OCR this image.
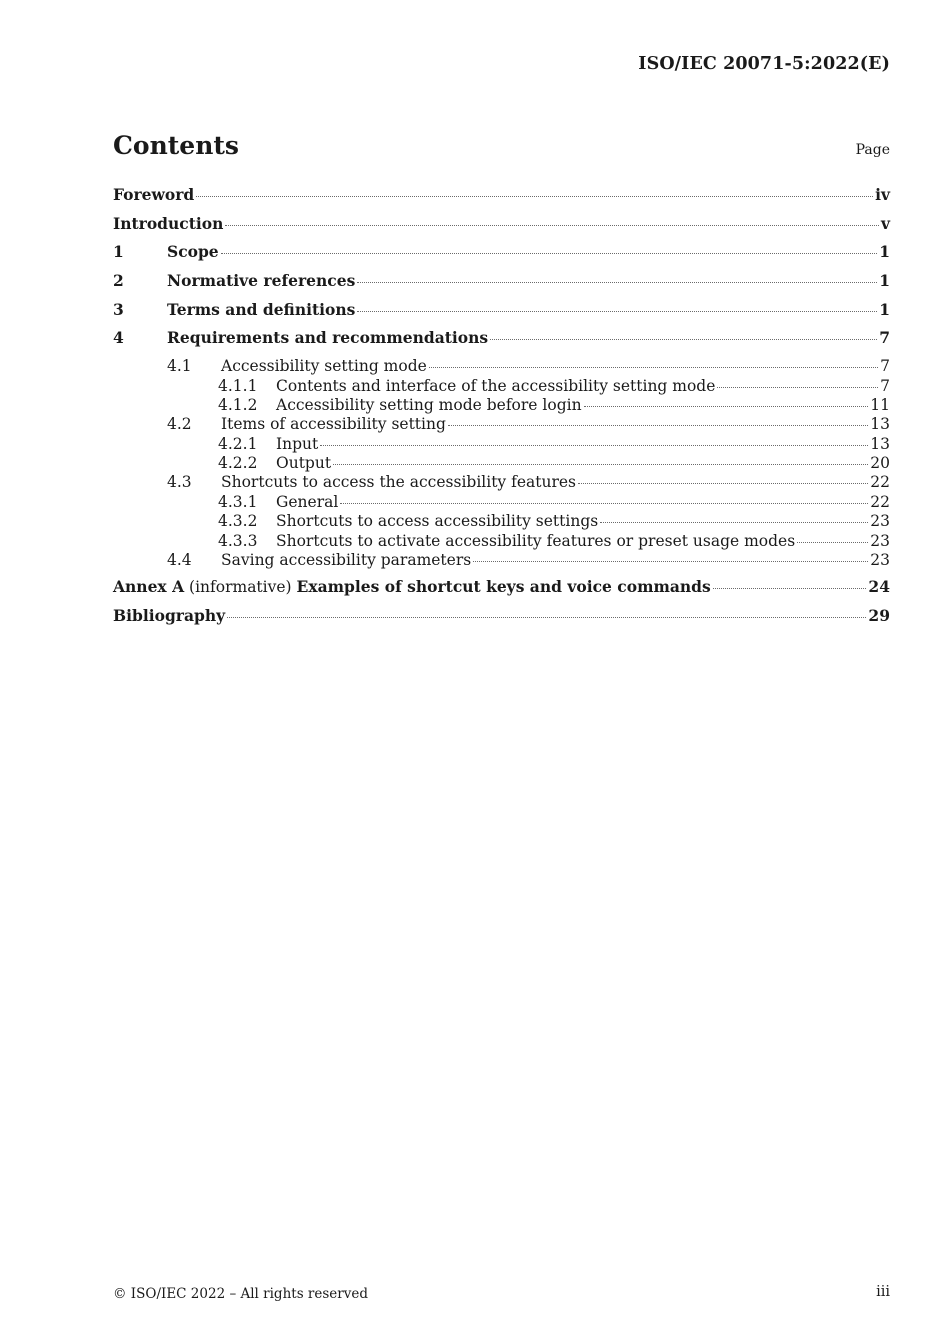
ISO/IEC 20071-5:2022(E)
Contents	Page
Foreword	iv
Introduction	v
1	Scope	1
2	Normative references	1
3	Terms and definitions	1
4	Requirements and recommendations	7
4.1	Accessibility setting mode	7
4.1.1	Contents and interface of the accessibility setting mode	7
4.1.2	Accessibility setting mode before login	11
4.2	Items of accessibility setting	13
4.2.1	Input	13
4.2.2	Output	20
4.3	Shortcuts to access the accessibility features	22
4.3.1	General	22
4.3.2	Shortcuts to access accessibility settings	23
4.3.3	Shortcuts to activate accessibility features or preset usage modes	23
4.4	Saving accessibility parameters	23
Annex A (informative) Examples of shortcut keys and voice commands	24
Bibliography	29
© ISO/IEC 2022 – All rights reserved	iii
